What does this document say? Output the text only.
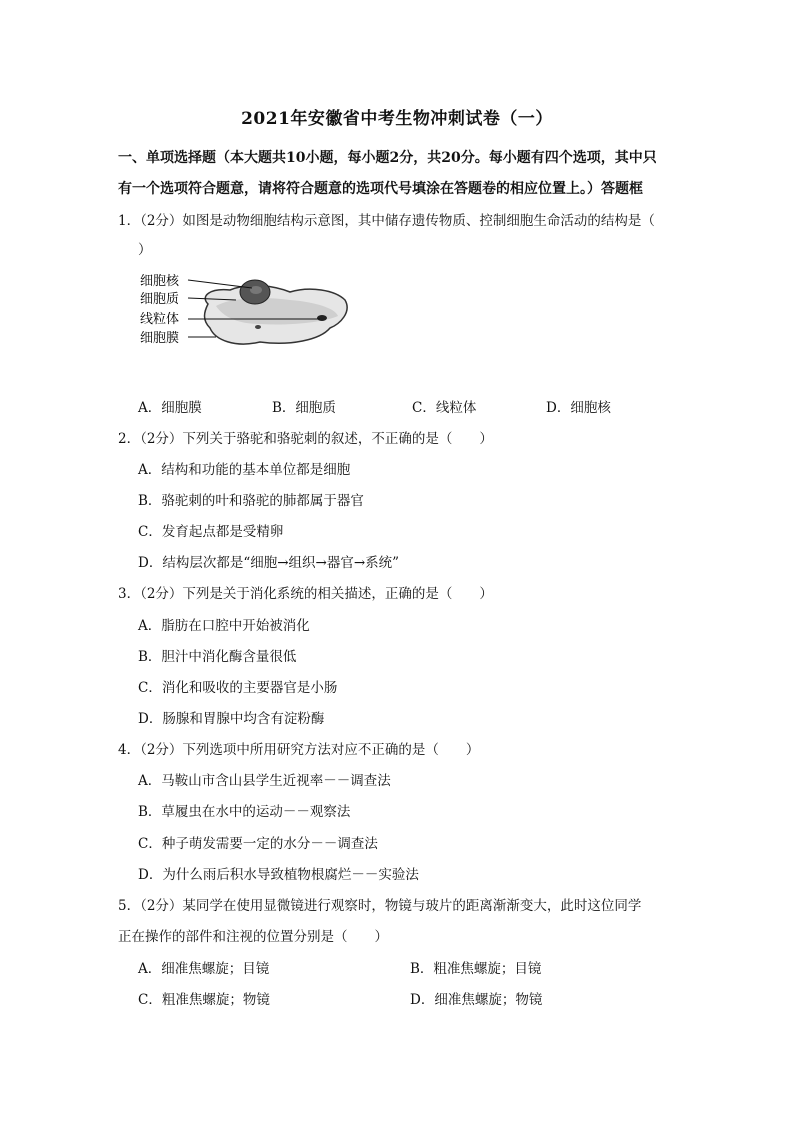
2021年安徽省中考生物冲刺试卷（一）
一、单项选择题（本大题共10小题，每小题2分，共20分。每小题有四个选项，其中只
有一个选项符合题意，请将符合题意的选项代号填涂在答题卷的相应位置上。）答题框
1．（2分）如图是动物细胞结构示意图，其中储存遗传物质、控制细胞生命活动的结构是（
）
细胞核
细胞质
线粒体
细胞膜
A．细胞膜	B．细胞质	C．线粒体	D．细胞核
2．（2分）下列关于骆驼和骆驼刺的叙述，不正确的是（　　）
A．结构和功能的基本单位都是细胞
B．骆驼刺的叶和骆驼的肺都属于器官
C．发育起点都是受精卵
D．结构层次都是“细胞→组织→器官→系统”
3．（2分）下列是关于消化系统的相关描述，正确的是（　　）
A．脂肪在口腔中开始被消化
B．胆汁中消化酶含量很低
C．消化和吸收的主要器官是小肠
D．肠腺和胃腺中均含有淀粉酶
4．（2分）下列选项中所用研究方法对应不正确的是（　　）
A．马鞍山市含山县学生近视率－－调查法
B．草履虫在水中的运动－－观察法
C．种子萌发需要一定的水分－－调查法
D．为什么雨后积水导致植物根腐烂－－实验法
5．（2分）某同学在使用显微镜进行观察时，物镜与玻片的距离渐渐变大，此时这位同学
正在操作的部件和注视的位置分别是（　　）
A．细准焦螺旋；目镜	B．粗准焦螺旋；目镜
C．粗准焦螺旋；物镜	D．细准焦螺旋；物镜
